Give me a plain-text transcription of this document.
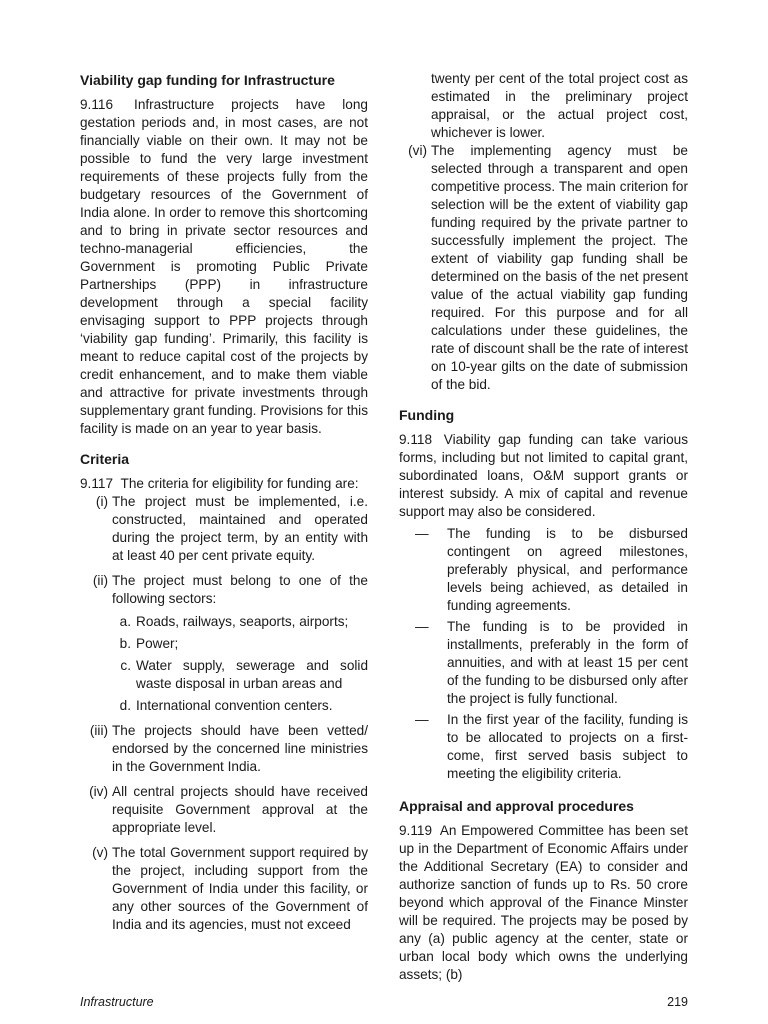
Viability gap funding for Infrastructure

9.116 Infrastructure projects have long gestation periods and, in most cases, are not financially viable on their own. It may not be possible to fund the very large investment requirements of these projects fully from the budgetary resources of the Government of India alone. In order to remove this shortcoming and to bring in private sector resources and techno-managerial efficiencies, the Government is promoting Public Private Partnerships (PPP) in infrastructure development through a special facility envisaging support to PPP projects through ‘viability gap funding’. Primarily, this facility is meant to reduce capital cost of the projects by credit enhancement, and to make them viable and attractive for private investments through supplementary grant funding. Provisions for this facility is made on an year to year basis.

Criteria

9.117 The criteria for eligibility for funding are:

(i) The project must be implemented, i.e. constructed, maintained and operated during the project term, by an entity with at least 40 per cent private equity.
(ii) The project must belong to one of the following sectors:
a. Roads, railways, seaports, airports;
b. Power;
c. Water supply, sewerage and solid waste disposal in urban areas and
d. International convention centers.
(iii) The projects should have been vetted/ endorsed by the concerned line ministries in the Government India.
(iv) All central projects should have received requisite Government approval at the appropriate level.
(v) The total Government support required by the project, including support from the Government of India under this facility, or any other sources of the Government of India and its agencies, must not exceed

twenty per cent of the total project cost as estimated in the preliminary project appraisal, or the actual project cost, whichever is lower.

(vi) The implementing agency must be selected through a transparent and open competitive process. The main criterion for selection will be the extent of viability gap funding required by the private partner to successfully implement the project. The extent of viability gap funding shall be determined on the basis of the net present value of the actual viability gap funding required. For this purpose and for all calculations under these guidelines, the rate of discount shall be the rate of interest on 10-year gilts on the date of submission of the bid.
Funding

9.118 Viability gap funding can take various forms, including but not limited to capital grant, subordinated loans, O&M support grants or interest subsidy. A mix of capital and revenue support may also be considered.

—	The funding is to be disbursed contingent on agreed milestones, preferably physical, and performance levels being achieved, as detailed in funding agreements.
—	The funding is to be provided in installments, preferably in the form of annuities, and with at least 15 per cent of the funding to be disbursed only after the project is fully functional.
—	In the first year of the facility, funding is to be allocated to projects on a first-come, first served basis subject to meeting the eligibility criteria.
Appraisal and approval procedures

9.119 An Empowered Committee has been set up in the Department of Economic Affairs under the Additional Secretary (EA) to consider and authorize sanction of funds up to Rs. 50 crore beyond which approval of the Finance Minster will be required. The projects may be posed by any (a) public agency at the center, state or urban local body which owns the underlying assets; (b)

Infrastructure	219
